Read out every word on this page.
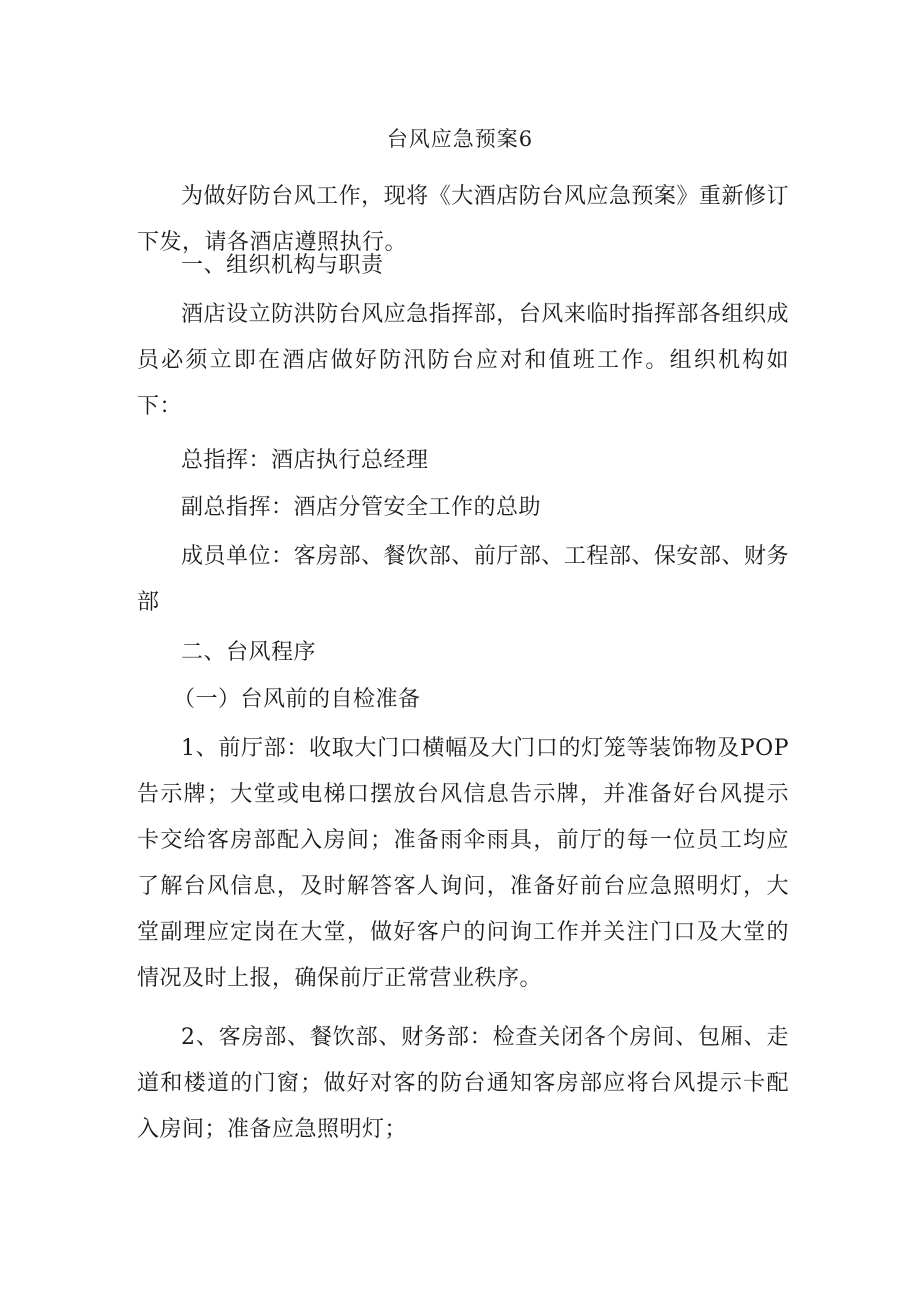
台风应急预案6

为做好防台风工作，现将《大酒店防台风应急预案》重新修订下发，请各酒店遵照执行。

一、组织机构与职责

酒店设立防洪防台风应急指挥部，台风来临时指挥部各组织成员必须立即在酒店做好防汛防台应对和值班工作。组织机构如下：

总指挥：酒店执行总经理

副总指挥：酒店分管安全工作的总助

成员单位：客房部、餐饮部、前厅部、工程部、保安部、财务部

二、台风程序

（一）台风前的自检准备

1、前厅部：收取大门口横幅及大门口的灯笼等装饰物及POP告示牌；大堂或电梯口摆放台风信息告示牌，并准备好台风提示卡交给客房部配入房间；准备雨伞雨具，前厅的每一位员工均应了解台风信息，及时解答客人询问，准备好前台应急照明灯，大堂副理应定岗在大堂，做好客户的问询工作并关注门口及大堂的情况及时上报，确保前厅正常营业秩序。

2、客房部、餐饮部、财务部：检查关闭各个房间、包厢、走道和楼道的门窗；做好对客的防台通知客房部应将台风提示卡配入房间；准备应急照明灯；
